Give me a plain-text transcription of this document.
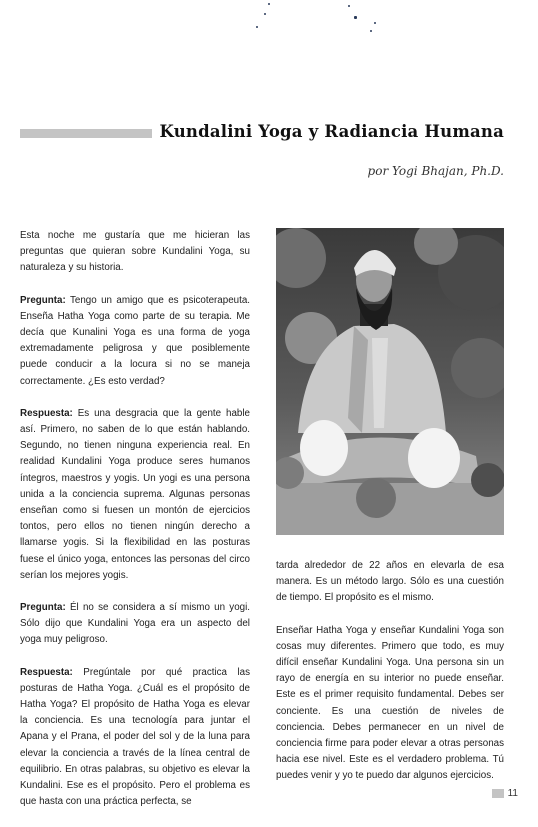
Kundalini Yoga y Radiancia Humana

por Yogi Bhajan, Ph.D.

Esta noche me gustaría que me hicieran las preguntas que quieran sobre Kundalini Yoga, su naturaleza y su historia.

Pregunta: Tengo un amigo que es psicoterapeuta. Enseña Hatha Yoga como parte de su terapia. Me decía que Kunalini Yoga es una forma de yoga extremadamente peligrosa y que posiblemente puede conducir a la locura si no se maneja correctamente. ¿Es esto verdad?

Respuesta: Es una desgracia que la gente hable así. Primero, no saben de lo que están hablando. Segundo, no tienen ninguna experiencia real. En realidad Kundalini Yoga produce seres humanos íntegros, maestros y yogis. Un yogi es una persona unida a la conciencia suprema. Algunas personas enseñan como si fuesen un montón de ejercicios tontos, pero ellos no tienen ningún derecho a llamarse yogis. Si la flexibilidad en las posturas fuese el único yoga, entonces las personas del circo serían los mejores yogis.

Pregunta: Él no se considera a sí mismo un yogi. Sólo dijo que Kundalini Yoga era un aspecto del yoga muy peligroso.

Respuesta: Pregúntale por qué practica las posturas de Hatha Yoga. ¿Cuál es el propósito de Hatha Yoga? El propósito de Hatha Yoga es elevar la conciencia. Es una tecnología para juntar el Apana y el Prana, el poder del sol y de la luna para elevar la conciencia a través de la línea central de equilibrio. En otras palabras, su objetivo es elevar la Kundalini. Ese es el propósito. Pero el problema es que hasta con una práctica perfecta, se

tarda alrededor de 22 años en elevarla de esa manera. Es un método largo. Sólo es una cuestión de tiempo. El propósito es el mismo.

Enseñar Hatha Yoga y enseñar Kundalini Yoga son cosas muy diferentes. Primero que todo, es muy difícil enseñar Kundalini Yoga. Una persona sin un rayo de energía en su interior no puede enseñar. Este es el primer requisito fundamental. Debes ser conciente. Es una cuestión de niveles de conciencia. Debes permanecer en un nivel de conciencia firme para poder elevar a otras personas hacia ese nivel. Este es el verdadero problema. Tú puedes venir y yo te puedo dar algunos ejercicios.

11
